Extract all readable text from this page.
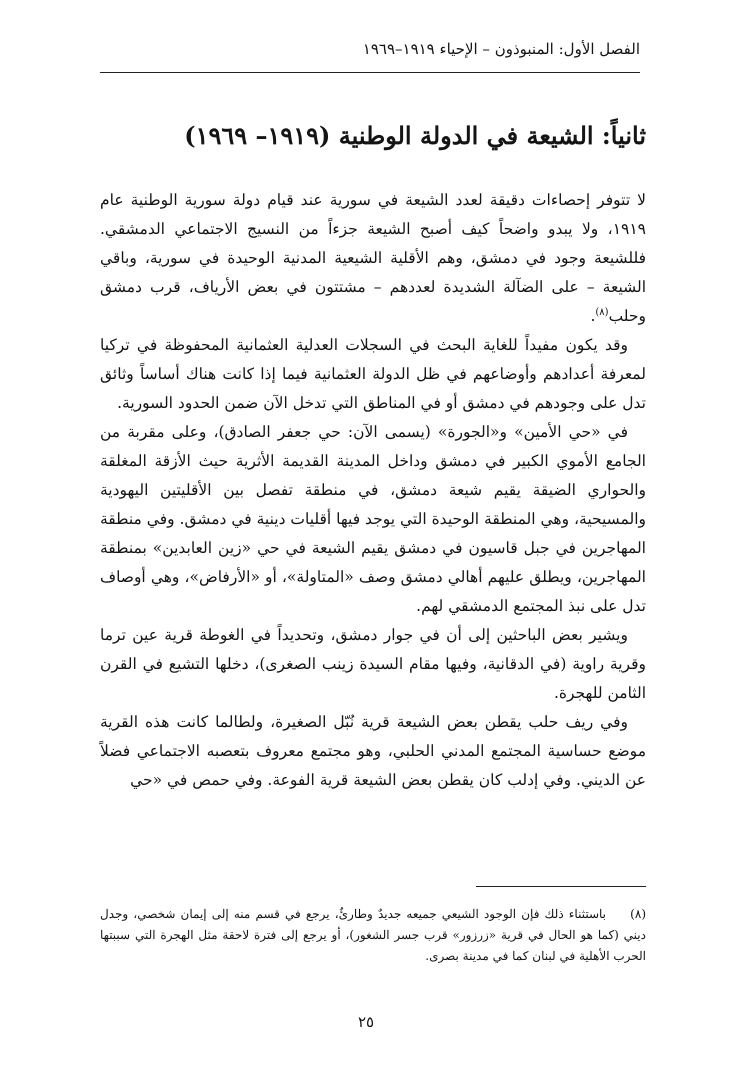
الفصل الأول: المنبوذون – الإحياء ١٩١٩–١٩٦٩
ثانياً: الشيعة في الدولة الوطنية (١٩١٩– ١٩٦٩)

لا تتوفر إحصاءات دقيقة لعدد الشيعة في سورية عند قيام دولة سورية الوطنية عام ١٩١٩، ولا يبدو واضحاً كيف أصبح الشيعة جزءاً من النسيج الاجتماعي الدمشقي. فللشيعة وجود في دمشق، وهم الأقلية الشيعية المدنية الوحيدة في سورية، وباقي الشيعة – على الضآلة الشديدة لعددهم – مشتتون في بعض الأرياف، قرب دمشق وحلب$^{(٨)}$.

وقد يكون مفيداً للغاية البحث في السجلات العدلية العثمانية المحفوظة في تركيا لمعرفة أعدادهم وأوضاعهم في ظل الدولة العثمانية فيما إذا كانت هناك أساساً وثائق تدل على وجودهم في دمشق أو في المناطق التي تدخل الآن ضمن الحدود السورية.

في «حي الأمين» و«الجورة» (يسمى الآن: حي جعفر الصادق)، وعلى مقربة من الجامع الأموي الكبير في دمشق وداخل المدينة القديمة الأثرية حيث الأزقة المغلقة والحواري الضيقة يقيم شيعة دمشق، في منطقة تفصل بين الأقليتين اليهودية والمسيحية، وهي المنطقة الوحيدة التي يوجد فيها أقليات دينية في دمشق. وفي منطقة المهاجرين في جبل قاسيون في دمشق يقيم الشيعة في حي «زين العابدين» بمنطقة المهاجرين، ويطلق عليهم أهالي دمشق وصف «المتاولة»، أو «الأرفاض»، وهي أوصاف تدل على نبذ المجتمع الدمشقي لهم.

ويشير بعض الباحثين إلى أن في جوار دمشق، وتحديداً في الغوطة قرية عين ترما وقرية راوية (في الدقانية، وفيها مقام السيدة زينب الصغرى)، دخلها التشيع في القرن الثامن للهجرة.

وفي ريف حلب يقطن بعض الشيعة قرية نُبّل الصغيرة، ولطالما كانت هذه القرية موضع حساسية المجتمع المدني الحلبي، وهو مجتمع معروف بتعصبه الاجتماعي فضلاً عن الديني. وفي إدلب كان يقطن بعض الشيعة قرية الفوعة. وفي حمص في «حي

(٨)باستثناء ذلك فإن الوجود الشيعي جميعه جديدٌ وطارئٌ، يرجع في قسم منه إلى إيمان شخصي، وجدل ديني (كما هو الحال في قرية «زرزور» قرب جسر الشغور)، أو يرجع إلى فترة لاحقة مثل الهجرة التي سببتها الحرب الأهلية في لبنان كما في مدينة بصرى.
٢٥
